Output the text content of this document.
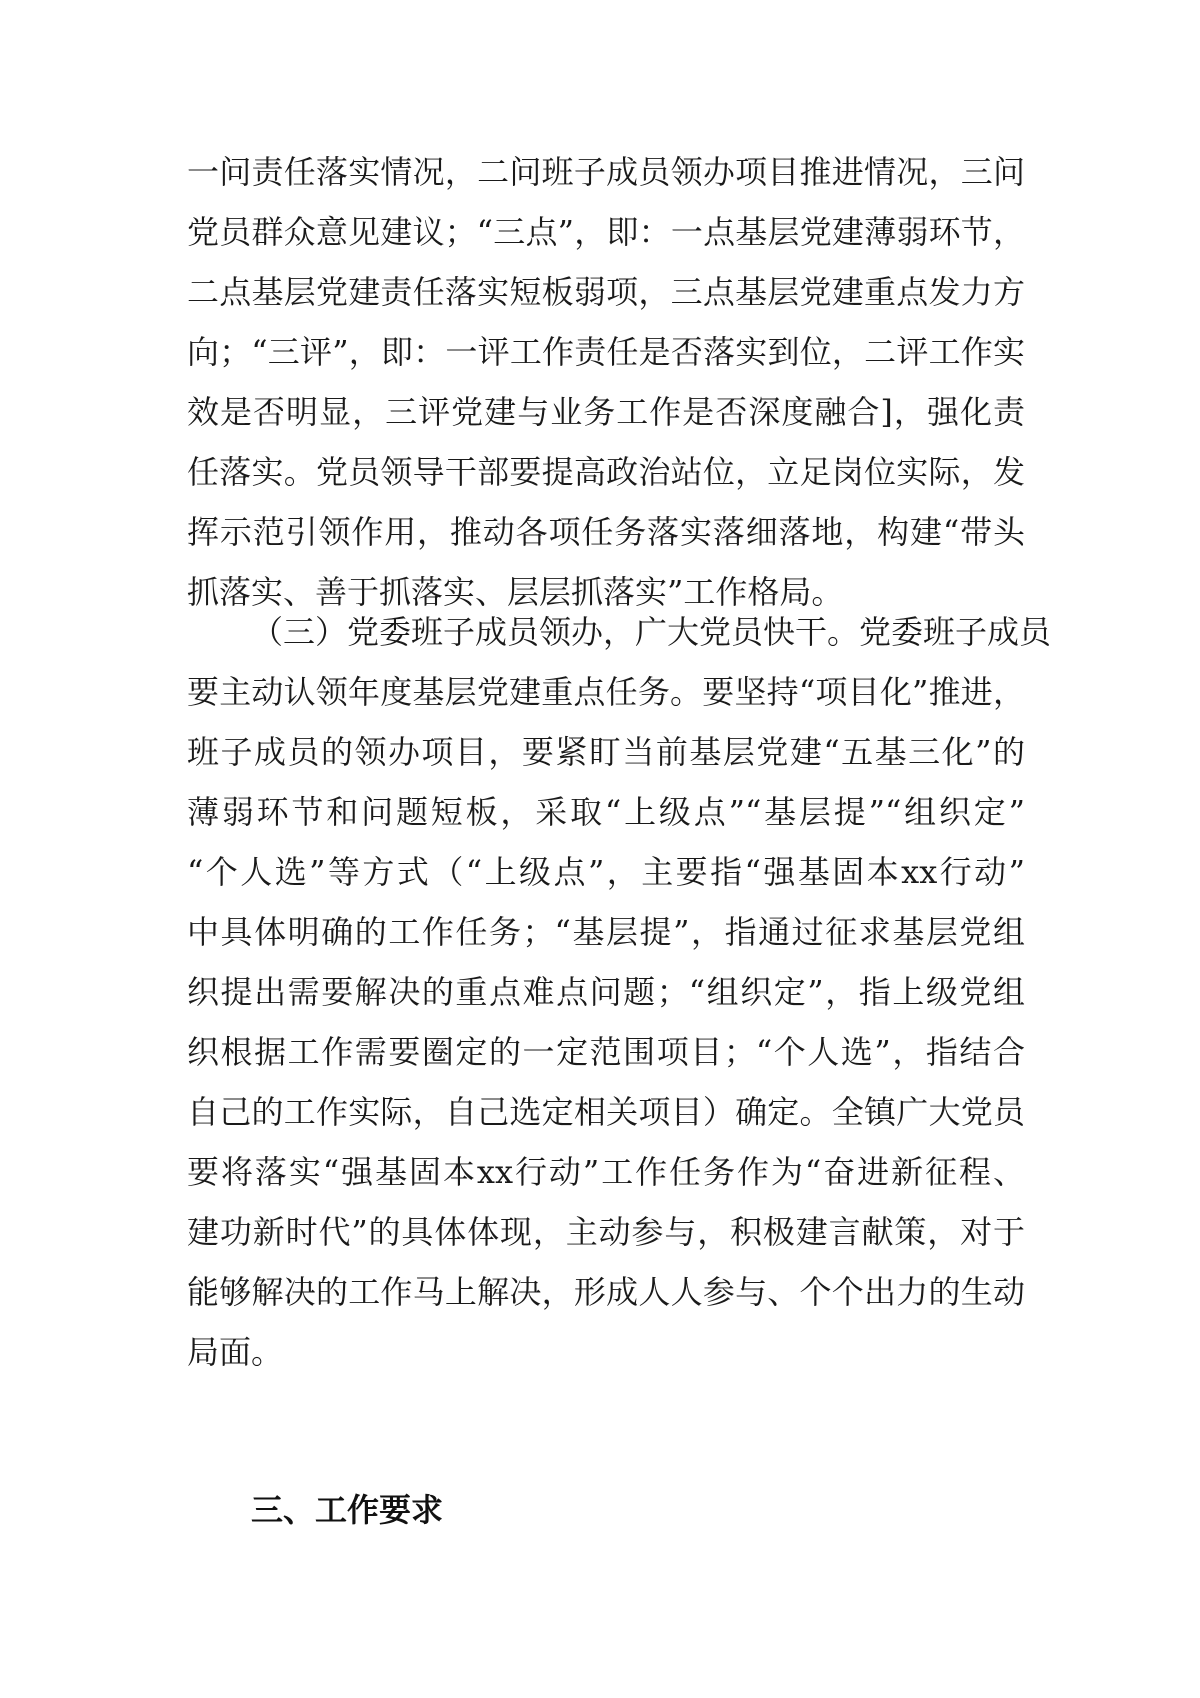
一问责任落实情况，二问班子成员领办项目推进情况，三问
党员群众意见建议；“三点”，即：一点基层党建薄弱环节，
二点基层党建责任落实短板弱项，三点基层党建重点发力方
向；“三评”，即：一评工作责任是否落实到位，二评工作实
效是否明显，三评党建与业务工作是否深度融合]，强化责
任落实。党员领导干部要提高政治站位，立足岗位实际，发
挥示范引领作用，推动各项任务落实落细落地，构建“带头
抓落实、善于抓落实、层层抓落实”工作格局。
（三）党委班子成员领办，广大党员快干。党委班子成员
要主动认领年度基层党建重点任务。要坚持“项目化”推进，
班子成员的领办项目，要紧盯当前基层党建“五基三化”的
薄弱环节和问题短板，采取“上级点”“基层提”“组织定”
“个人选”等方式（“上级点”，主要指“强基固本xx行动”
中具体明确的工作任务；“基层提”，指通过征求基层党组
织提出需要解决的重点难点问题；“组织定”，指上级党组
织根据工作需要圈定的一定范围项目；“个人选”，指结合
自己的工作实际，自己选定相关项目）确定。全镇广大党员
要将落实“强基固本xx行动”工作任务作为“奋进新征程、
建功新时代”的具体体现，主动参与，积极建言献策，对于
能够解决的工作马上解决，形成人人参与、个个出力的生动
局面。
三、工作要求
